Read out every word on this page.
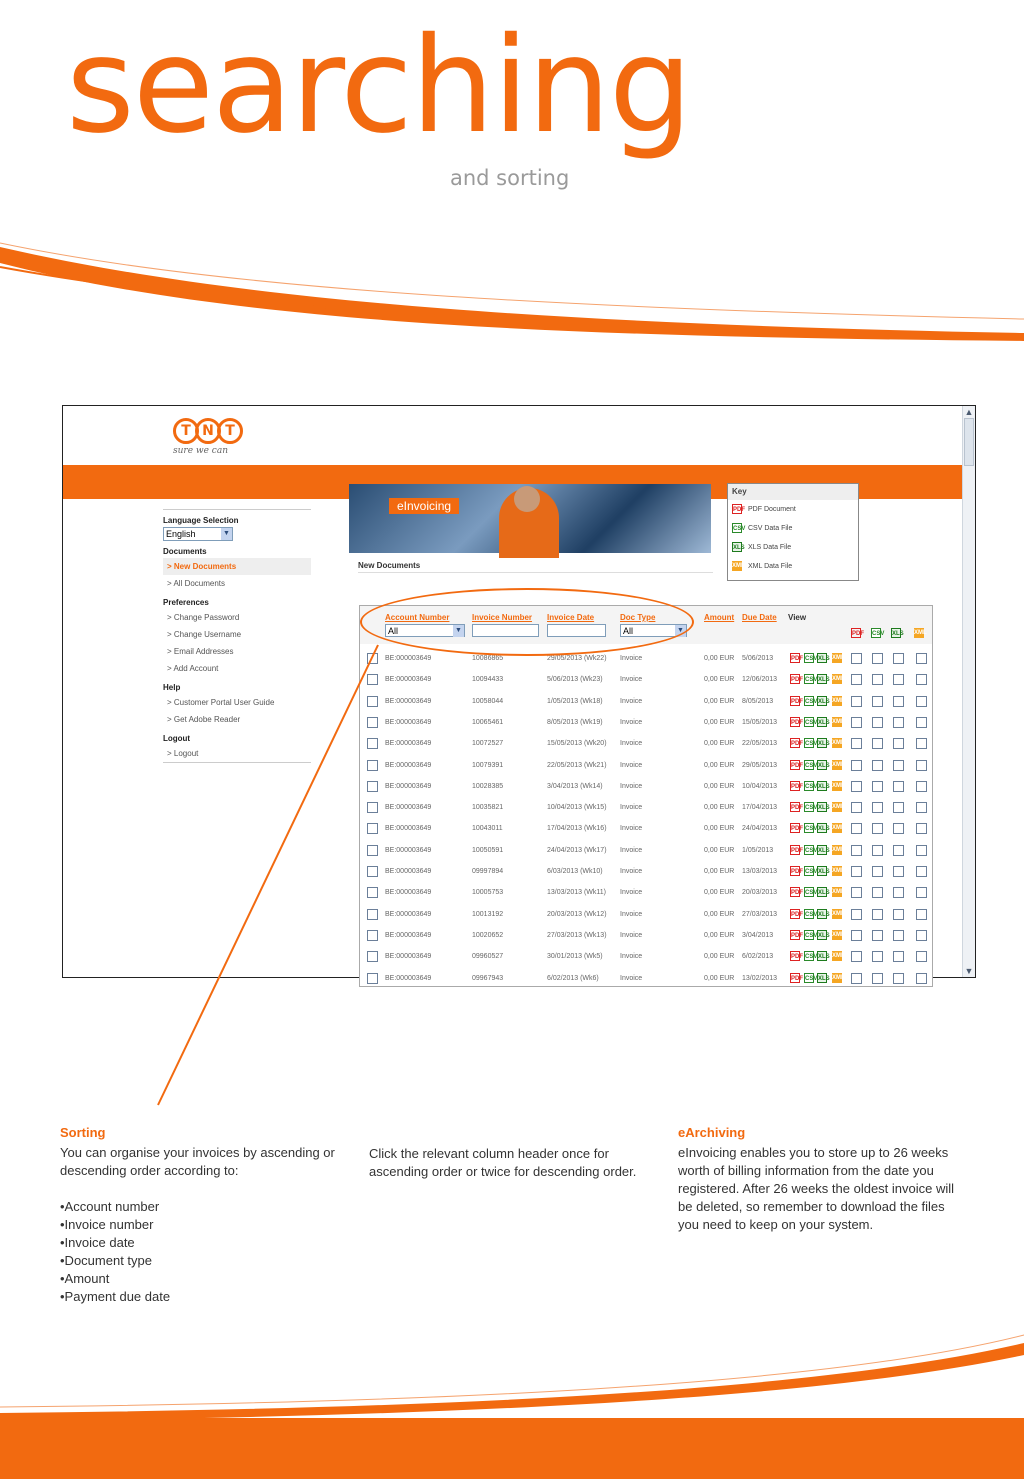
searching
and sorting
T N T
sure we can
Language Selection
English	▼
Documents
> New Documents
> All Documents
Preferences
> Change Password
> Change Username
> Email Addresses
> Add Account
Help
> Customer Portal User Guide
> Get Adobe Reader
Logout
> Logout
eInvoicing
New Documents
Key
PDF PDF Document
CSV CSV Data File
XLS XLS Data File
XML XML Data File
Account Number	Invoice Number Invoice Date	Doc Type	Amount Due Date View
All	▼	All	▼	PDF CSV XLS XML
BE:000003649	10086865	29/05/2013 (Wk22) Invoice	0,00 EUR 5/06/2013	PDF CSV XLS XML
BE:000003649	10094433	5/06/2013 (Wk23) Invoice	0,00 EUR 12/06/2013 PDF CSV XLS XML
BE:000003649	10058044	1/05/2013 (Wk18) Invoice	0,00 EUR 8/05/2013	PDF CSV XLS XML
BE:000003649	10065461	8/05/2013 (Wk19) Invoice	0,00 EUR 15/05/2013 PDF CSV XLS XML
BE:000003649	10072527	15/05/2013 (Wk20) Invoice	0,00 EUR 22/05/2013 PDF CSV XLS XML
BE:000003649	10079391	22/05/2013 (Wk21) Invoice	0,00 EUR 29/05/2013 PDF CSV XLS XML
BE:000003649	10028385	3/04/2013 (Wk14) Invoice	0,00 EUR 10/04/2013 PDF CSV XLS XML
BE:000003649	10035821	10/04/2013 (Wk15) Invoice	0,00 EUR 17/04/2013 PDF CSV XLS XML
BE:000003649	10043011	17/04/2013 (Wk16) Invoice	0,00 EUR 24/04/2013 PDF CSV XLS XML
BE:000003649	10050591	24/04/2013 (Wk17) Invoice	0,00 EUR 1/05/2013	PDF CSV XLS XML
BE:000003649	09997894	6/03/2013 (Wk10) Invoice	0,00 EUR 13/03/2013 PDF CSV XLS XML
BE:000003649	10005753	13/03/2013 (Wk11) Invoice	0,00 EUR 20/03/2013 PDF CSV XLS XML
BE:000003649	10013192	20/03/2013 (Wk12) Invoice	0,00 EUR 27/03/2013 PDF CSV XLS XML
BE:000003649	10020652	27/03/2013 (Wk13) Invoice	0,00 EUR 3/04/2013	PDF CSV XLS XML
BE:000003649	09960527	30/01/2013 (Wk5) Invoice	0,00 EUR 6/02/2013	PDF CSV XLS XML
BE:000003649	09967943	6/02/2013 (Wk6)	Invoice	0,00 EUR 13/02/2013 PDF CSV XLS XML
▲
▼
Sorting

You can organise your invoices by ascending or descending order according to:

•Account number
•Invoice number
•Invoice date
•Document type
•Amount
•Payment due date

Click the relevant column header once for ascending order or twice for descending order.

eArchiving

eInvoicing enables you to store up to 26 weeks worth of billing information from the date you registered. After 26 weeks the oldest invoice will be deleted, so remember to download the files you need to keep on your system.
